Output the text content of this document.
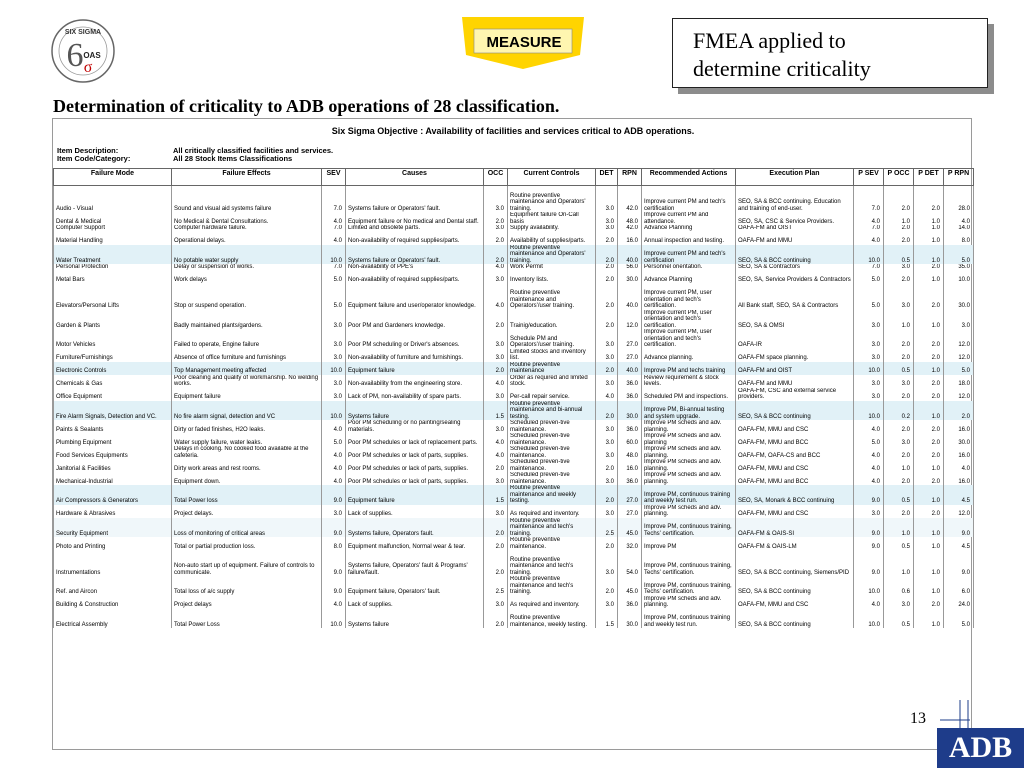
SIX SIGMA
6 OAS
σ
MEASURE	FMEA applied to
determine criticality
Determination of criticality to ADB operations of 28 classification.
Six Sigma Objective : Availability of facilities and services critical to ADB operations.
Item Description:	All critically classified facilities and services.
Item Code/Category:	All 28 Stock Items Classifications
Failure Mode	Failure Effects	SEV	Causes	OCC	Current Controls	DET	RPN	Recommended Actions	Execution Plan	P SEV	P OCC	P DET	P RPN
Audio - Visual	Sound and visual aid systems failure	7.0	Systems failure or Operators' fault.	3.0	Routine preventive maintenance and Operators' training.	3.0	42.0	Improve current PM and tech's certification	SEO, SA & BCC continuing. Education and training of end-user.	7.0	2.0	2.0	28.0
Dental & Medical	No Medical & Dental Consultations.	4.0	Equipment failure or No medical and Dental staff.	2.0	Equipment failure On-Call basis	3.0	48.0	Improve current PM and attendance.	SEO, SA, CSC & Service Providers.	4.0	1.0	1.0	4.0
Computer Support	Computer hardware failure.	7.0	Limited and obsolete parts.	3.0	Supply availability.	3.0	42.0	Advance Planning	OAFA-FM and OIST	7.0	2.0	1.0	14.0
Material Handling	Operational delays.	4.0	Non-availability of required supplies/parts.	2.0	Availability of supplies/parts.	2.0	16.0	Annual inspection and testing.	OAFA-FM and MMU	4.0	2.0	1.0	8.0
Water Treatment	No potable water supply	10.0	Systems failure or Operators' fault.	2.0	Routine preventive maintenance and Operators' training.	2.0	40.0	Improve current PM and tech's certification	SEO, SA & BCC continuing	10.0	0.5	1.0	5.0
Personal Protection	Delay or suspension of works.	7.0	Non-availability of PPE's	4.0	Work Permit	2.0	56.0	Personnel orientation.	SEO, SA & Contractors	7.0	3.0	2.0	35.0
Metal Bars	Work delays	5.0	Non-availability of required supplies/parts.	3.0	Inventory lists.	2.0	30.0	Advance Planning	SEO, SA, Service Providers & Contractors	5.0	2.0	1.0	10.0
Elevators/Personal Lifts	Stop or suspend operation.	5.0	Equipment failure and user/operator knowledge.	4.0	Routine preventive maintenance and Operators'/user training.	2.0	40.0	Improve current PM, user orientation and tech's certification.	All Bank staff, SEO, SA & Contractors	5.0	3.0	2.0	30.0
Garden & Plants	Badly maintained plants/gardens.	3.0	Poor PM and Gardeners knowledge.	2.0	Trainig/education.	2.0	12.0	Improve current PM, user orientation and tech's certification.	SEO, SA & OMSI	3.0	1.0	1.0	3.0
Motor Vehicles	Failed to operate, Engine failure	3.0	Poor PM scheduling or Driver's absences.	3.0	Schedule PM and Operators'/user training.	3.0	27.0	Improve current PM, user orientation and tech's certification.	OAFA-IR	3.0	2.0	2.0	12.0
Furniture/Furnishings	Absence of office furniture and furnishings	3.0	Non-availability of furniture and furnishings.	3.0	Limited stocks and inventory list.	3.0	27.0	Advance planning.	OAFA-FM space planning.	3.0	2.0	2.0	12.0
Electronic Controls	Top Management meeting affected	10.0	Equipment failure	2.0	Routine preventive maintenance	2.0	40.0	Improve PM and techs training	OAFA-FM and OIST	10.0	0.5	1.0	5.0
Chemicals & Gas	Poor cleaning and quality of workmanship. No welding works.	3.0	Non-availability from the engineering store.	4.0	Order as required and limited stock.	3.0	36.0	Review requirement & stock levels.	OAFA-FM and MMU	3.0	3.0	2.0	18.0
Office Equipment	Equipment failure	3.0	Lack of PM, non-availability of spare parts.	3.0	Per-call repair service.	4.0	36.0	Scheduled PM and inspections.	OAFA-FM, CSC and external service providers.	3.0	2.0	2.0	12.0
Fire Alarm Signals, Detection and VC.	No fire alarm signal, detection and VC	10.0	Systems failure	1.5	Routine preventive maintenance and bi-annual testing.	2.0	30.0	Improve PM, Bi-annual testing and system upgrade.	SEO, SA & BCC continuing	10.0	0.2	1.0	2.0
Paints & Sealants	Dirty or faded finishes, H2O leaks.	4.0	Poor PM scheduling or no painting/sealing materials.	3.0	Scheduled preven-tive maintenance.	3.0	36.0	Improve PM scheds and adv. planning.	OAFA-FM, MMU and CSC	4.0	2.0	2.0	16.0
Plumbing Equipment	Water supply failure, water leaks.	5.0	Poor PM schedules or lack of replacement parts.	4.0	Scheduled preven-tive maintenance.	3.0	60.0	Improve PM scheds and adv. planning	OAFA-FM, MMU and BCC	5.0	3.0	2.0	30.0
Food Services Equipments	Delays in cooking. No cooked food available at the cafeteria.	4.0	Poor PM schedules or lack of parts, supplies.	4.0	Scheduled preven-tive maintenance.	3.0	48.0	Improve PM scheds and adv. planning.	OAFA-FM, OAFA-CS and BCC	4.0	2.0	2.0	16.0
Janitorial & Facilities	Dirty work areas and rest rooms.	4.0	Poor PM schedules or lack of parts, supplies.	2.0	Scheduled preven-tive maintenance.	2.0	16.0	Improve PM scheds and adv. planning.	OAFA-FM, MMU and CSC	4.0	1.0	1.0	4.0
Mechanical-Industrial	Equipment down.	4.0	Poor PM schedules or lack of parts, supplies.	3.0	Scheduled preven-tive maintenance.	3.0	36.0	Improve PM scheds and adv. planning.	OAFA-FM, MMU and BCC	4.0	2.0	2.0	16.0
Air Compressors & Generators	Total Power loss	9.0	Equipment failure	1.5	Routine preventive maintenance and weekly testing.	2.0	27.0	Improve PM, continuous training and weekly test run.	SEO, SA, Monark & BCC continuing	9.0	0.5	1.0	4.5
Hardware & Abrasives	Project delays.	3.0	Lack of supplies.	3.0	As required and inventory.	3.0	27.0	Improve PM scheds and adv. planning.	OAFA-FM, MMU and CSC	3.0	2.0	2.0	12.0
Security Equipment	Loss of monitoring of critical areas	9.0	Systems failure, Operators fault.	2.0	Routine preventive maintenance and tech's training.	2.5	45.0	Improve PM, continuous training, Techs' certification.	OAFA-FM & OAIS-SI	9.0	1.0	1.0	9.0
Photo and Printing	Total or partial production loss.	8.0	Equipment malfunction, Normal wear & tear.	2.0	Routine preventive maintenance.	2.0	32.0	Improve PM	OAFA-FM & OAIS-LM	9.0	0.5	1.0	4.5
Instrumentations	Non-auto start up of equipment. Failure of controls to communicate.	9.0	Systems failure, Operators' fault & Programs' failure/fault.	2.0	Routine preventive maintenance and tech's training.	3.0	54.0	Improve PM, continuous training, Techs' certification.	SEO, SA & BCC continuing, Siemens/PID	9.0	1.0	1.0	9.0
Ref. and Aircon	Total loss of a/c supply	9.0	Equipment failure, Operators' fault.	2.5	Routine preventive maintenance and tech's training.	2.0	45.0	Improve PM, continuous training, Techs' certification.	SEO, SA & BCC continuing	10.0	0.6	1.0	6.0
Building & Construction	Project delays	4.0	Lack of supplies.	3.0	As required and inventory.	3.0	36.0	Improve PM scheds and adv. planning.	OAFA-FM, MMU and CSC	4.0	3.0	2.0	24.0
Electrical Assembly	Total Power Loss	10.0	Systems failure	2.0	Routine preventive maintenance, weekly testing.	1.5	30.0	Improve PM, continuous training and weekly test run.	SEO, SA & BCC continuing	10.0	0.5	1.0	5.0
13
ADB
